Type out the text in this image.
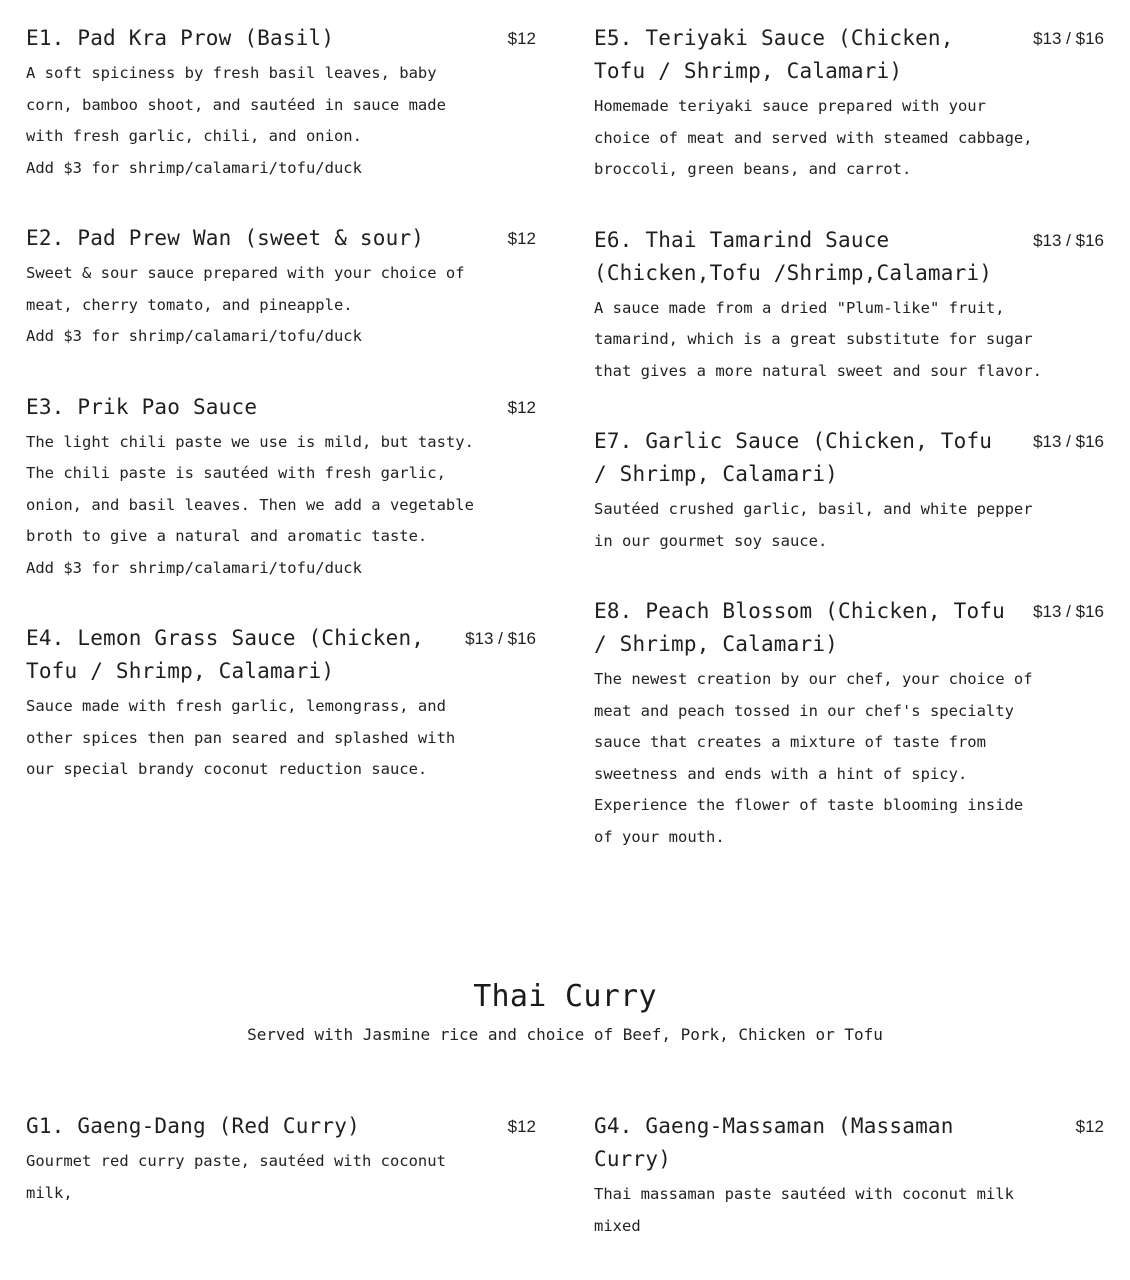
E1. Pad Kra Prow (Basil)	$12
A soft spiciness by fresh basil leaves, baby corn, bamboo shoot, and sautéed in sauce made with fresh garlic, chili, and onion.
Add $3 for shrimp/calamari/tofu/duck
E2. Pad Prew Wan (sweet & sour)	$12
Sweet & sour sauce prepared with your choice of meat, cherry tomato, and pineapple.
Add $3 for shrimp/calamari/tofu/duck
E3. Prik Pao Sauce	$12
The light chili paste we use is mild, but tasty. The chili paste is sautéed with fresh garlic, onion, and basil leaves. Then we add a vegetable broth to give a natural and aromatic taste.
Add $3 for shrimp/calamari/tofu/duck
E4. Lemon Grass Sauce (Chicken, Tofu / Shrimp, Calamari)
$13 / $16
Sauce made with fresh garlic, lemongrass, and other spices then pan seared and splashed with our special brandy coconut reduction sauce.
E5. Teriyaki Sauce (Chicken, Tofu / Shrimp, Calamari)
$13 / $16
Homemade teriyaki sauce prepared with your choice of meat and served with steamed cabbage, broccoli, green beans, and carrot.
E6. Thai Tamarind Sauce (Chicken,Tofu /Shrimp,Calamari)
$13 / $16
A sauce made from a dried "Plum-like" fruit, tamarind, which is a great substitute for sugar that gives a more natural sweet and sour flavor.
E7. Garlic Sauce (Chicken, Tofu / Shrimp, Calamari)
$13 / $16
Sautéed crushed garlic, basil, and white pepper in our gourmet soy sauce.
E8. Peach Blossom (Chicken, Tofu / Shrimp, Calamari)
$13 / $16
The newest creation by our chef, your choice of meat and peach tossed in our chef's specialty sauce that creates a mixture of taste from sweetness and ends with a hint of spicy. Experience the flower of taste blooming inside of your mouth.
Thai Curry
Served with Jasmine rice and choice of Beef, Pork, Chicken or Tofu
G1. Gaeng-Dang (Red Curry)	$12
Gourmet red curry paste, sautéed with coconut milk,
G4. Gaeng-Massaman (Massaman Curry)
$12
Thai massaman paste sautéed with coconut milk mixed
